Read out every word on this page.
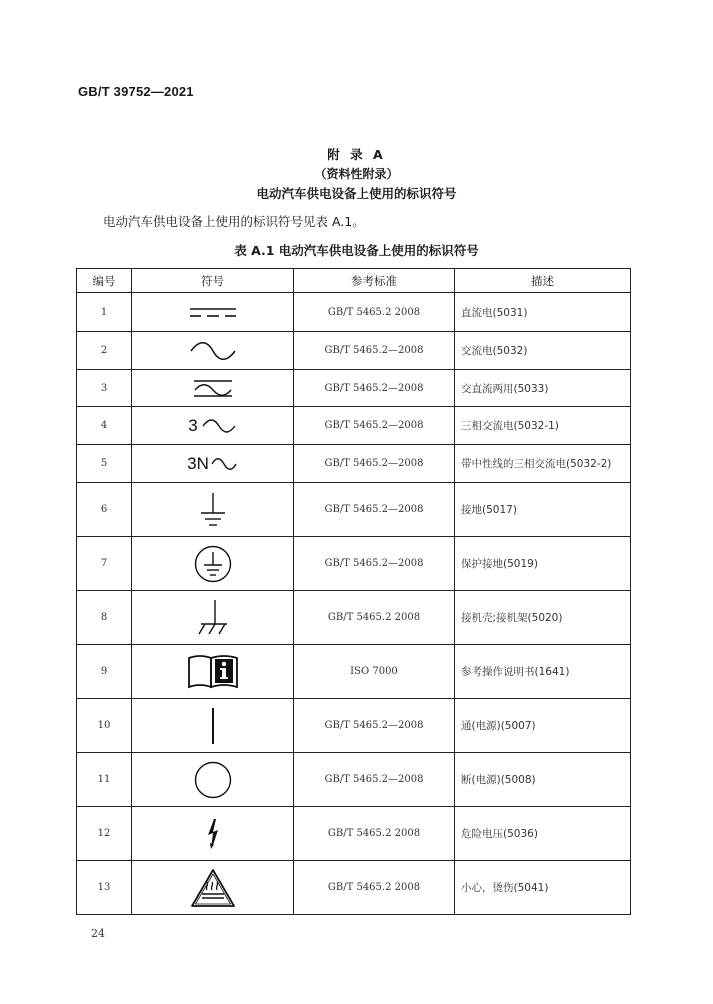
GB/T 39752—2021
附 录 A
（资料性附录）
电动汽车供电设备上使用的标识符号
电动汽车供电设备上使用的标识符号见表 A.1。
表 A.1 电动汽车供电设备上使用的标识符号
编号	符号	参考标准	描述
1		GB/T 5465.2 2008	直流电(5031)
2		GB/T 5465.2—2008	交流电(5032)
3		GB/T 5465.2—2008	交直流两用(5033)
4	3	GB/T 5465.2—2008	三相交流电(5032-1)
5	3N	GB/T 5465.2—2008	带中性线的三相交流电(5032-2)
6		GB/T 5465.2—2008	接地(5017)
7		GB/T 5465.2—2008	保护接地(5019)
8		GB/T 5465.2 2008	接机壳;接机架(5020)
9		ISO 7000	参考操作说明书(1641)
10		GB/T 5465.2—2008	通(电源)(5007)
11		GB/T 5465.2—2008	断(电源)(5008)
12		GB/T 5465.2 2008	危险电压(5036)
13		GB/T 5465.2 2008	小心，烫伤(5041)
24
